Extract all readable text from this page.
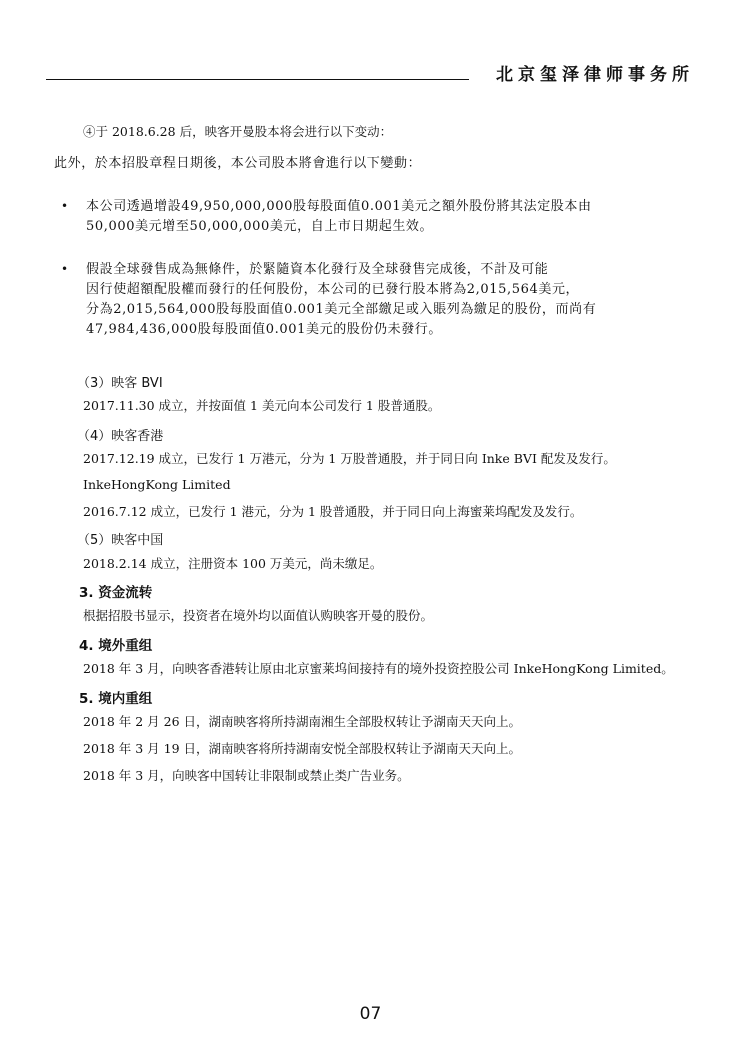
北京玺泽律师事务所
④于 2018.6.28 后，映客开曼股本将会进行以下变动：
此外，於本招股章程日期後，本公司股本將會進行以下變動：
• 本公司透過增設49,950,000,000股每股面值0.001美元之額外股份將其法定股本由
50,000美元增至50,000,000美元，自上市日期起生效。
• 假設全球發售成為無條件，於緊隨資本化發行及全球發售完成後，不計及可能
因行使超額配股權而發行的任何股份，本公司的已發行股本將為2,015,564美元，
分為2,015,564,000股每股面值0.001美元全部繳足或入賬列為繳足的股份，而尚有
47,984,436,000股每股面值0.001美元的股份仍未發行。
（3）映客 BVI
2017.11.30 成立，并按面值 1 美元向本公司发行 1 股普通股。
（4）映客香港
2017.12.19 成立，已发行 1 万港元，分为 1 万股普通股，并于同日向 Inke BVI 配发及发行。
InkeHongKong Limited
2016.7.12 成立，已发行 1 港元，分为 1 股普通股，并于同日向上海蜜莱坞配发及发行。
（5）映客中国
2018.2.14 成立，注册资本 100 万美元，尚未缴足。
3. 资金流转
根据招股书显示，投资者在境外均以面值认购映客开曼的股份。
4. 境外重组
2018 年 3 月，向映客香港转让原由北京蜜莱坞间接持有的境外投资控股公司 InkeHongKong Limited。
5. 境内重组
2018 年 2 月 26 日，湖南映客将所持湖南湘生全部股权转让予湖南天天向上。
2018 年 3 月 19 日，湖南映客将所持湖南安悦全部股权转让予湖南天天向上。
2018 年 3 月，向映客中国转让非限制或禁止类广告业务。
07
